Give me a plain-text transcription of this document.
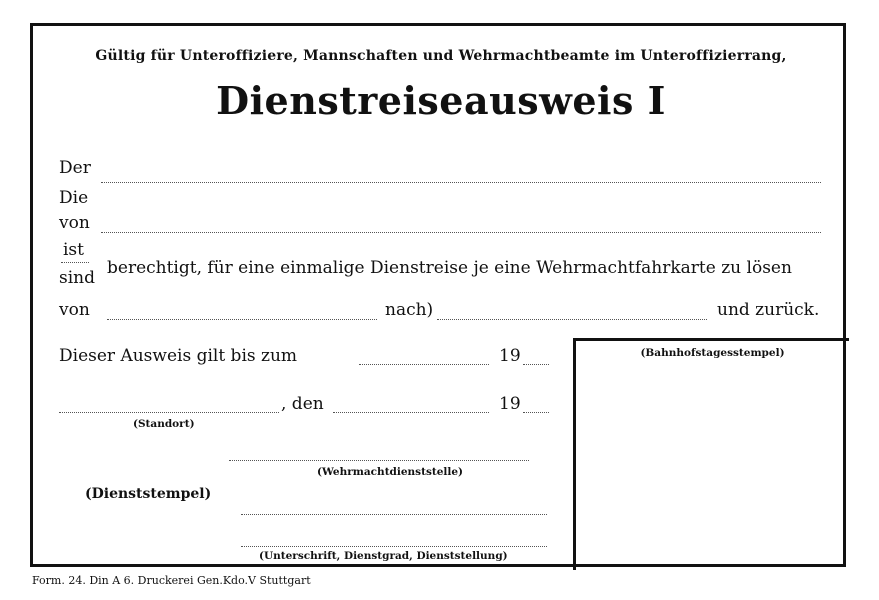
Gültig für Unteroffiziere, Mannschaften und Wehrmachtbeamte im Unteroffizierrang,
Dienstreiseausweis I
Der
Die
von
ist
sind berechtigt, für eine einmalige Dienstreise je eine Wehrmachtfahrkarte zu lösen
von	nach)	und zurück.
Dieser Ausweis gilt bis zum	19
, den	19
(Standort)
(Wehrmachtdienststelle)
(Dienststempel)
(Unterschrift, Dienstgrad, Dienststellung)
(Bahnhofstagesstempel)
Form. 24. Din A 6. Druckerei Gen.Kdo.V Stuttgart
